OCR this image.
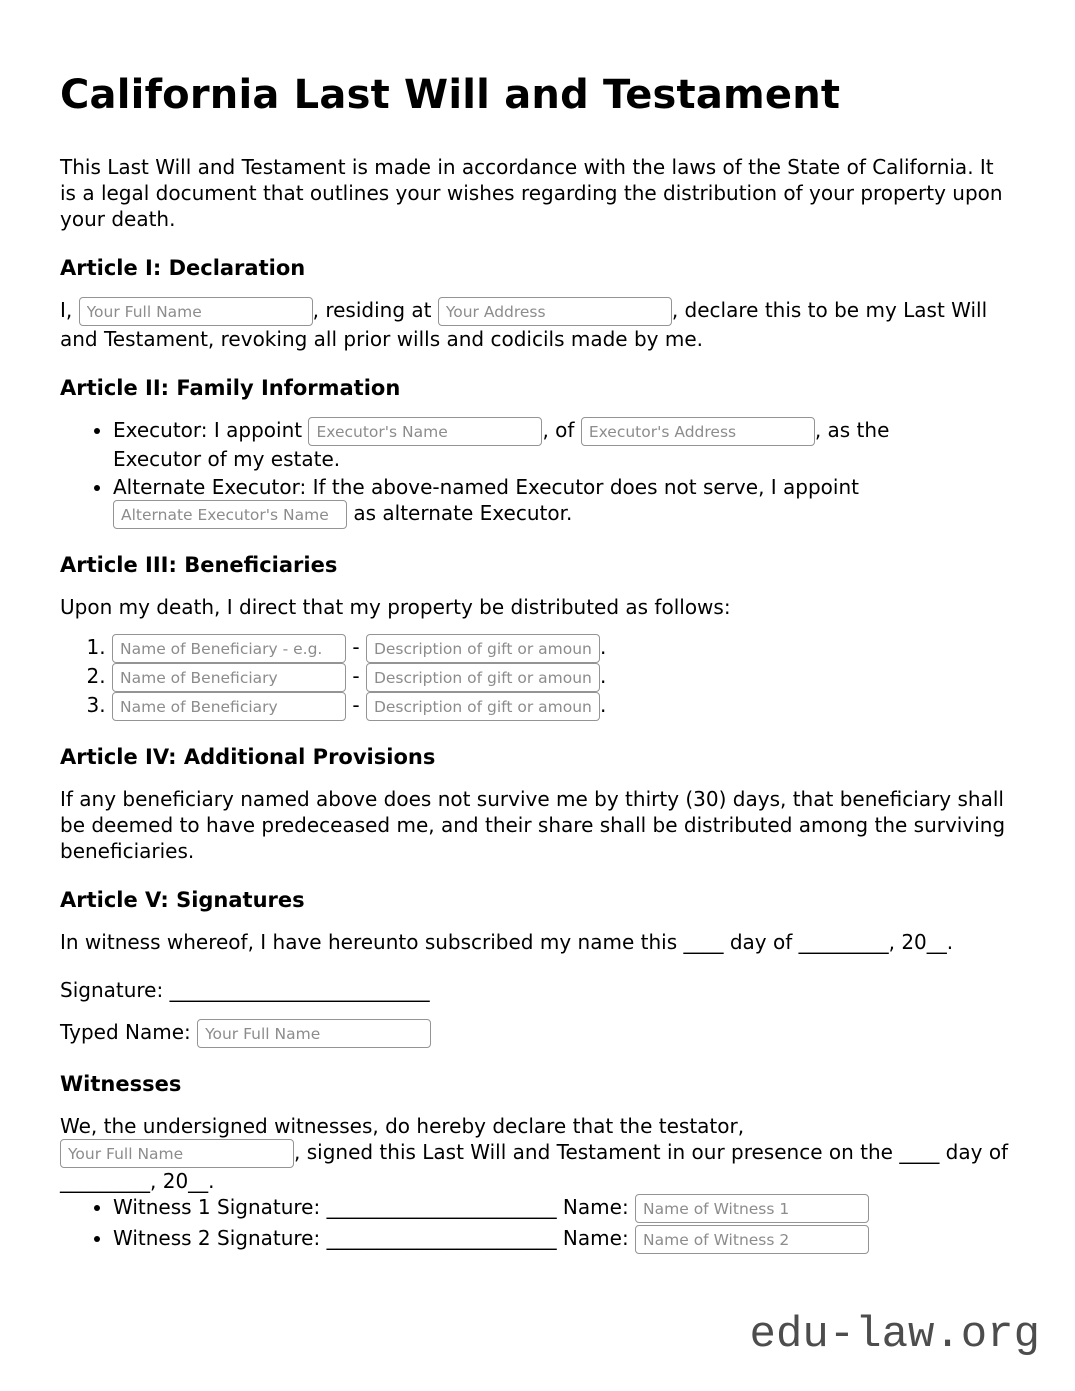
California Last Will and Testament

This Last Will and Testament is made in accordance with the laws of the State of California. It is a legal document that outlines your wishes regarding the distribution of your property upon your death.

Article I: Declaration

I, Your Full Name	, residing at Your Address	, declare this to be my Last Will and Testament, revoking all prior wills and codicils made by me.

Article II: Family Information
• Executor: I appoint Executor's Name	, of Executor's Address	, as the Executor of my estate.
• Alternate Executor: If the above-named Executor does not serve, I appoint Alternate Executor's Name as alternate Executor.
Article III: Beneficiaries

Upon my death, I direct that my property be distributed as follows:

Name of Beneficiary - e.g. 1. - Description of gift or amount	.
Name of Beneficiary 2. - Description of gift or amount	.
Name of Beneficiary 3. - Description of gift or amount	.
Article IV: Additional Provisions

If any beneficiary named above does not survive me by thirty (30) days, that beneficiary shall be deemed to have predeceased me, and their share shall be distributed among the surviving beneficiaries.

Article V: Signatures

In witness whereof, I have hereunto subscribed my name this ____ day of _________, 20__.

Signature: __________________________

Typed Name: Your Full Name

Witnesses

We, the undersigned witnesses, do hereby declare that the testator,
Your Full Name, signed this Last Will and Testament in our presence on the ____ day of _________, 20__.

• Witness 1 Signature: _______________________ Name: Name of Witness 1
• Witness 2 Signature: _______________________ Name: Name of Witness 2
edu-law.org
